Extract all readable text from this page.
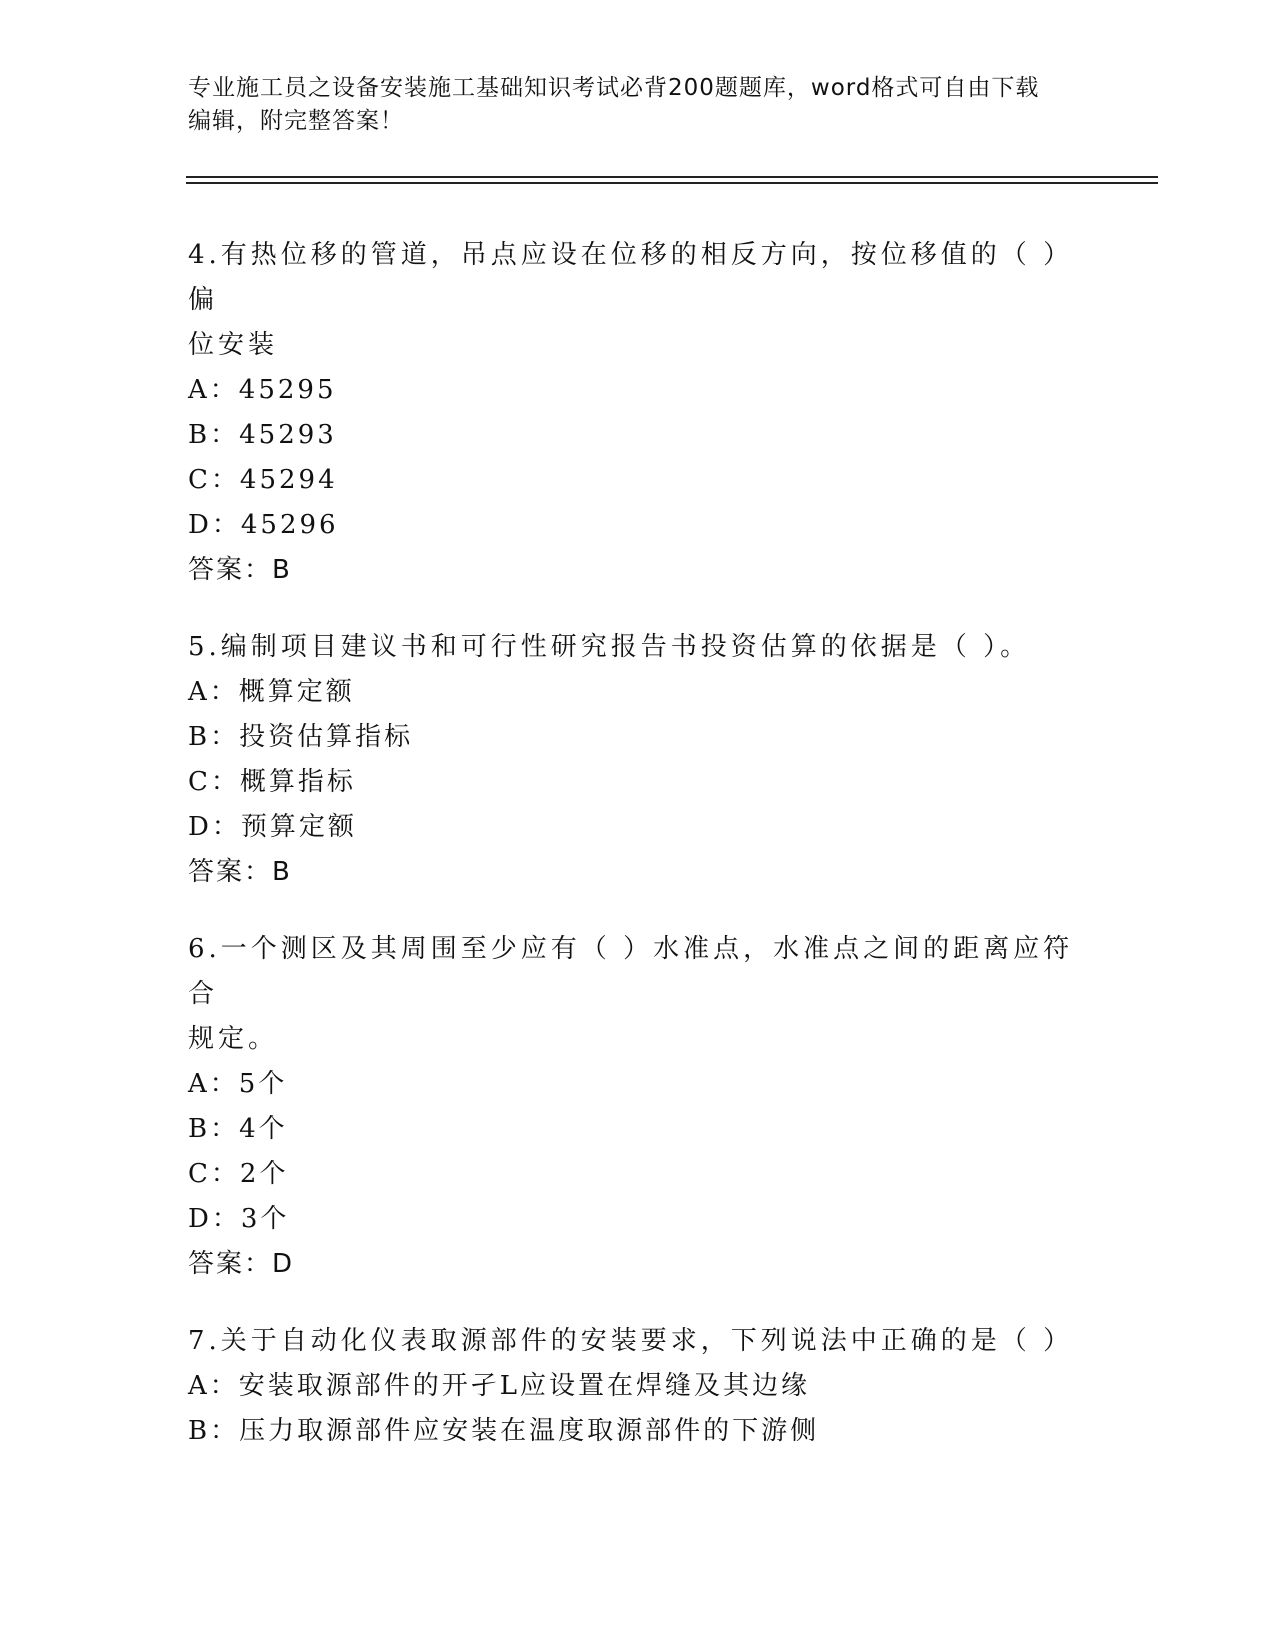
专业施工员之设备安装施工基础知识考试必背200题题库，word格式可自由下载
编辑，附完整答案！
4.有热位移的管道，吊点应设在位移的相反方向，按位移值的（ ）偏
位安装
A：45295
B：45293
C：45294
D：45296
答案：B
5.编制项目建议书和可行性研究报告书投资估算的依据是（ ）。
A：概算定额
B：投资估算指标
C：概算指标
D：预算定额
答案：B
6.一个测区及其周围至少应有（ ）水准点，水准点之间的距离应符合
规定。
A：5个
B：4个
C：2个
D：3个
答案：D
7.关于自动化仪表取源部件的安装要求，下列说法中正确的是（ ）
A：安装取源部件的开孑L应设置在焊缝及其边缘
B：压力取源部件应安装在温度取源部件的下游侧
